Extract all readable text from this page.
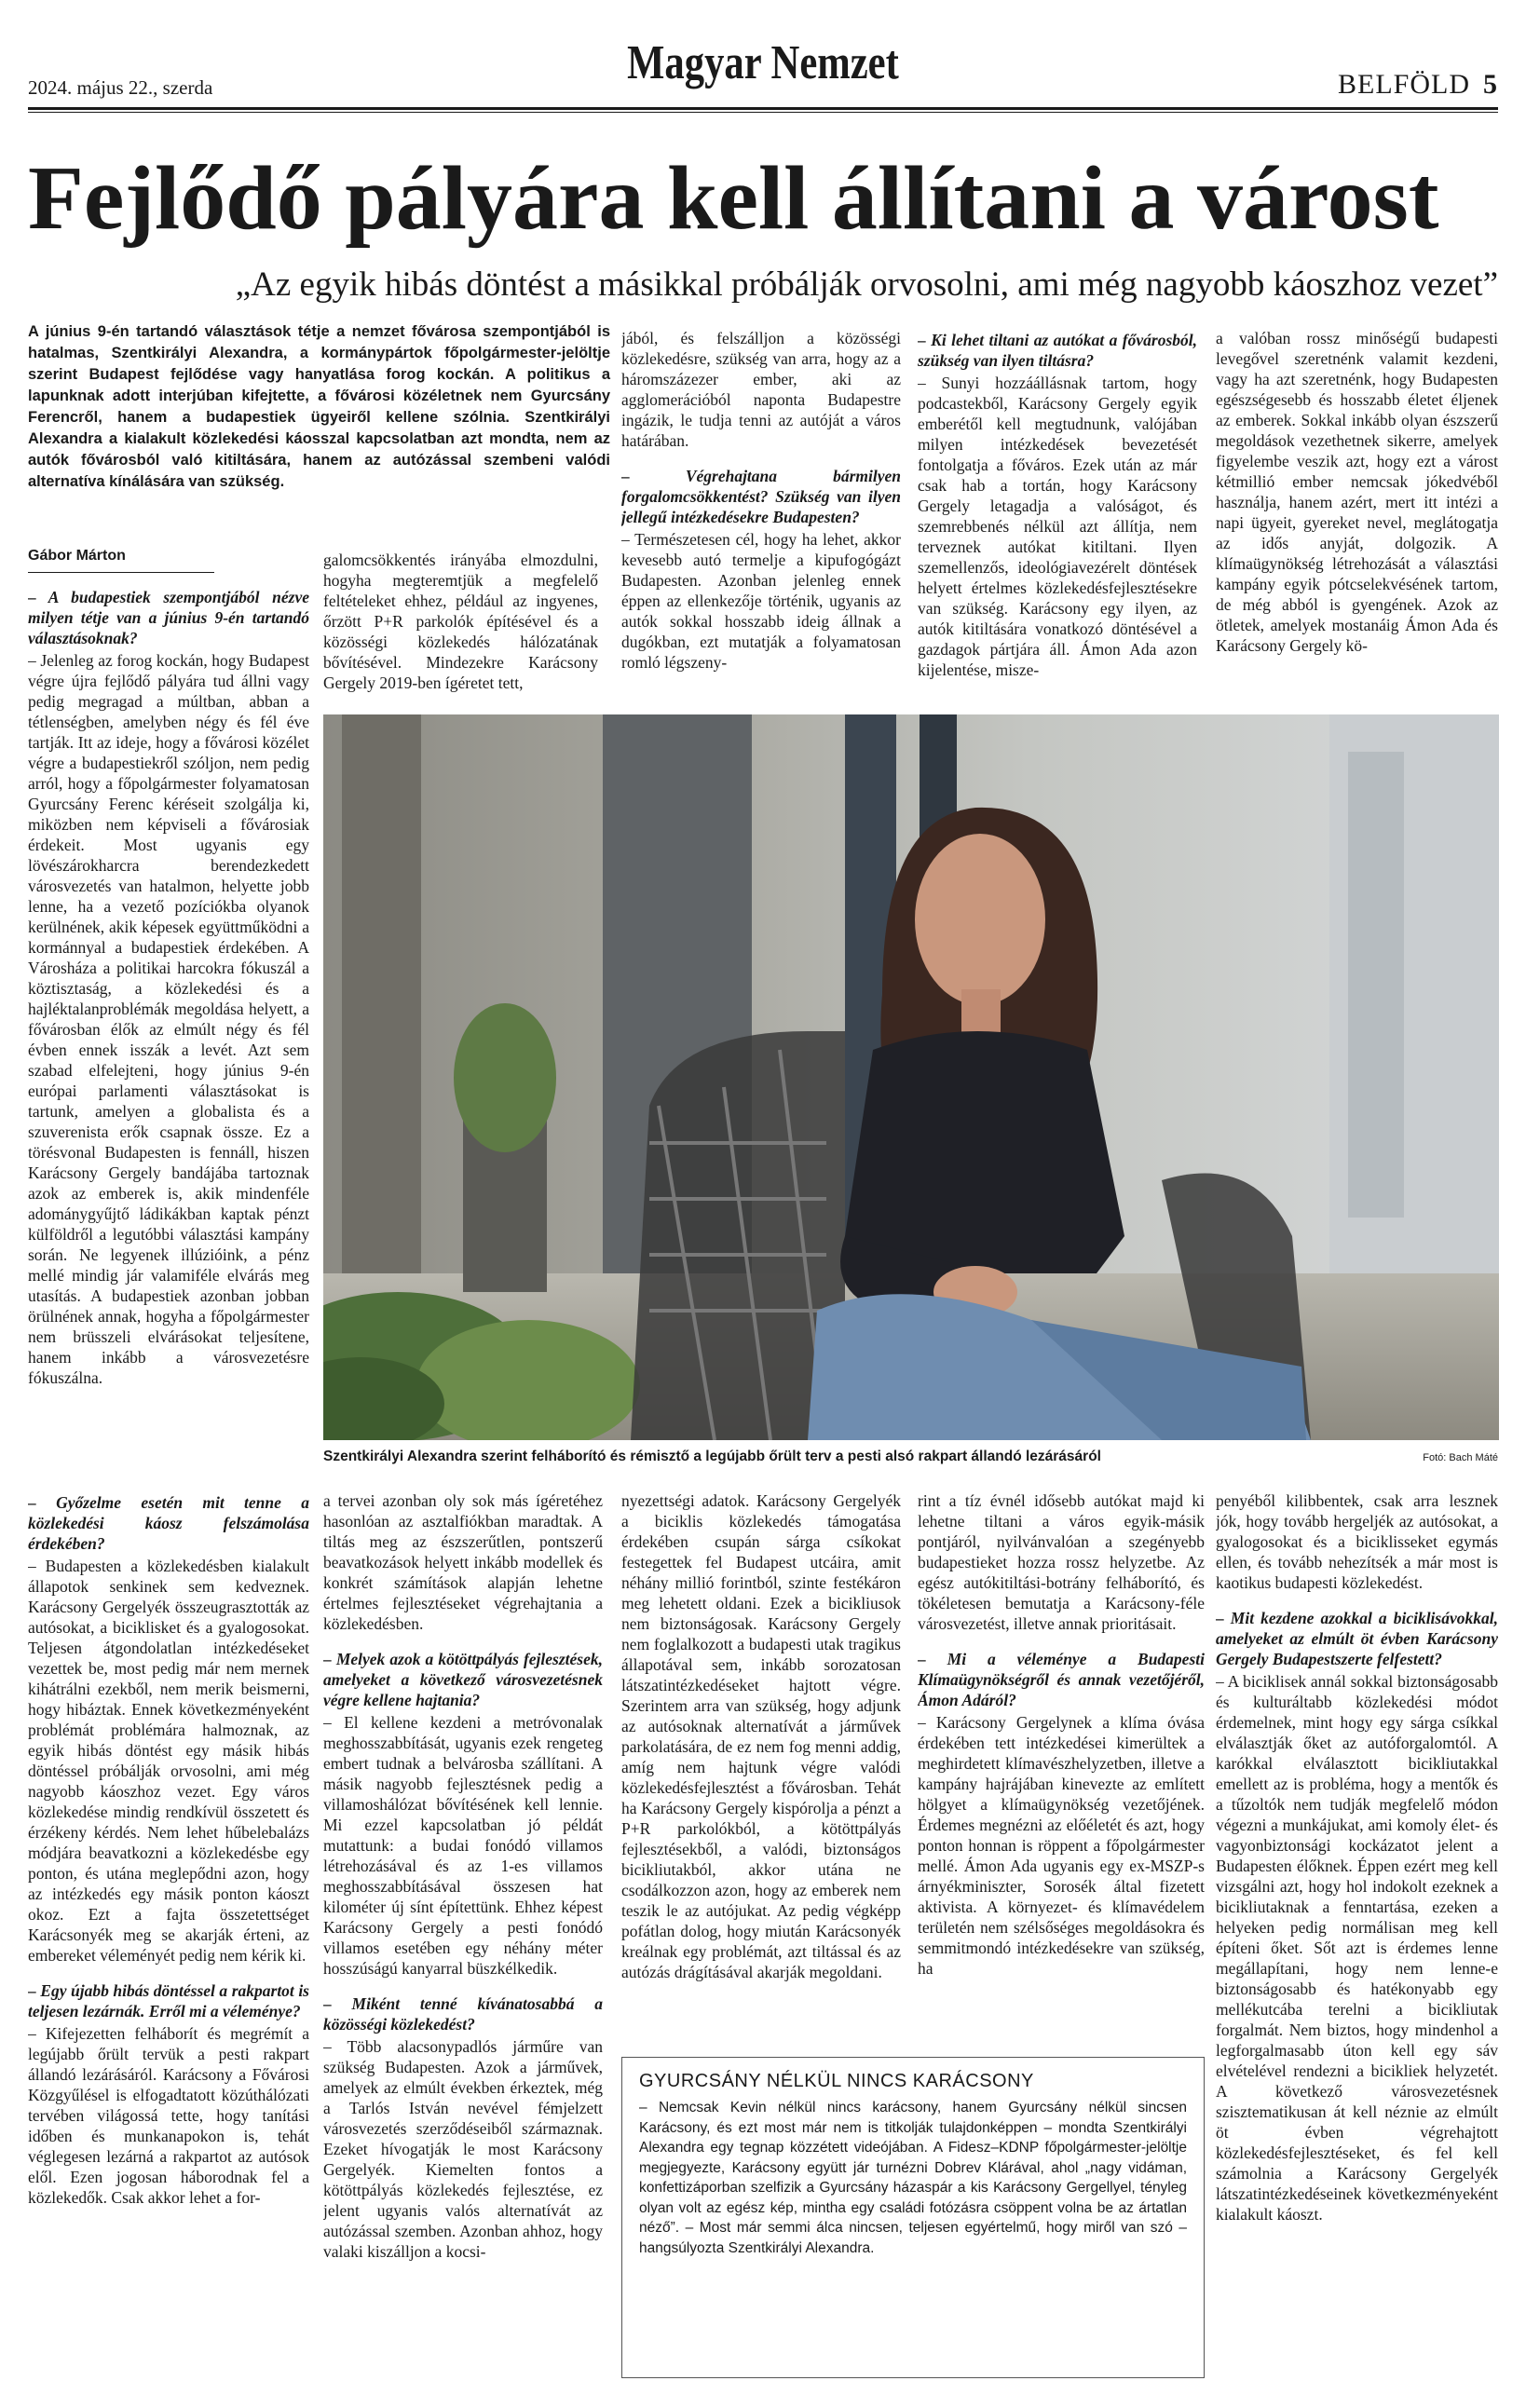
2024. május 22., szerda	Magyar Nemzet	BELFÖLD 5
Fejlődő pályára kell állítani a várost
„Az egyik hibás döntést a másikkal próbálják orvosolni, ami még nagyobb káoszhoz vezet”
A június 9-én tartandó választások tétje a nemzet fővárosa szempontjából is hatalmas, Szentkirályi Alexandra, a kormánypártok főpolgármester-jelöltje szerint Budapest fejlődése vagy hanyatlása forog kockán. A politikus a lapunknak adott interjúban kifejtette, a fővárosi közéletnek nem Gyurcsány Ferencről, hanem a budapestiek ügyeiről kellene szólnia. Szentkirályi Alexandra a kialakult közlekedési káosszal kapcsolatban azt mondta, nem az autók fővárosból való kitiltására, hanem az autózással szembeni valódi alternatíva kínálására van szükség.
Gábor Márton

– A budapestiek szempontjából nézve milyen tétje van a június 9-én tartandó választásoknak?

– Jelenleg az forog kockán, hogy Budapest végre újra fejlődő pályára tud állni vagy pedig megragad a múltban, abban a tétlenségben, amelyben négy és fél éve tartják. Itt az ideje, hogy a fővárosi közélet végre a budapestiekről szóljon, nem pedig arról, hogy a főpolgármester folyamatosan Gyurcsány Ferenc kéréseit szolgálja ki, miközben nem képviseli a fővárosiak érdekeit. Most ugyanis egy lövészárokharcra berendezkedett városvezetés van hatalmon, helyette jobb lenne, ha a vezető pozíciókba olyanok kerülnének, akik képesek együttműködni a kormánnyal a budapestiek érdekében. A Városháza a politikai harcokra fókuszál a köztisztaság, a közlekedési és a hajléktalanproblémák megoldása helyett, a fővárosban élők az elmúlt négy és fél évben ennek isszák a levét. Azt sem szabad elfelejteni, hogy június 9-én európai parlamenti választásokat is tartunk, amelyen a globalista és a szuverenista erők csapnak össze. Ez a törésvonal Budapesten is fennáll, hiszen Karácsony Gergely bandájába tartoznak azok az emberek is, akik mindenféle adománygyűjtő ládikákban kaptak pénzt külföldről a legutóbbi választási kampány során. Ne legyenek illúzióink, a pénz mellé mindig jár valamiféle elvárás meg utasítás. A budapestiek azonban jobban örülnének annak, hogyha a főpolgármester nem brüsszeli elvárásokat teljesítene, hanem inkább a városvezetésre fókuszálna.

galomcsökkentés irányába elmozdulni, hogyha megteremtjük a megfelelő feltételeket ehhez, például az ingyenes, őrzött P+R parkolók építésével és a közösségi közlekedés hálózatának bővítésével. Mindezekre Karácsony Gergely 2019-ben ígéretet tett,

jából, és felszálljon a közösségi közlekedésre, szükség van arra, hogy az a háromszázezer ember, aki az agglomerációból naponta Budapestre ingázik, le tudja tenni az autóját a város határában.

– Végrehajtana bármilyen forgalomcsökkentést? Szükség van ilyen jellegű intézkedésekre Budapesten?

– Természetesen cél, hogy ha lehet, akkor kevesebb autó termelje a kipufogógázt Budapesten. Azonban jelenleg ennek éppen az ellenkezője történik, ugyanis az autók sokkal hosszabb ideig állnak a dugókban, ezt mutatják a folyamatosan romló légszeny-

– Ki lehet tiltani az autókat a fővárosból, szükség van ilyen tiltásra?

– Sunyi hozzáállásnak tartom, hogy podcastekből, Karácsony Gergely egyik emberétől kell megtudnunk, valójában milyen intézkedések bevezetését fontolgatja a főváros. Ezek után az már csak hab a tortán, hogy Karácsony Gergely letagadja a valóságot, és szemrebbenés nélkül azt állítja, nem terveznek autókat kitiltani. Ilyen szemellenzős, ideológiavezérelt döntések helyett értelmes közlekedésfejlesztésekre van szükség. Karácsony egy ilyen, az autók kitiltására vonatkozó döntésével a gazdagok pártjára áll. Ámon Ada azon kijelentése, misze-

a valóban rossz minőségű budapesti levegővel szeretnénk valamit kezdeni, vagy ha azt szeretnénk, hogy Budapesten egészségesebb és hosszabb életet éljenek az emberek. Sokkal inkább olyan észszerű megoldások vezethetnek sikerre, amelyek figyelembe veszik azt, hogy ezt a várost kétmillió ember nemcsak jókedvéből használja, hanem azért, mert itt intézi a napi ügyeit, gyereket nevel, meglátogatja az idős anyját, dolgozik. A klímaügynökség létrehozását a választási kampány egyik pótcselekvésének tartom, de még abból is gyengének. Azok az ötletek, amelyek mostanáig Ámon Ada és Karácsony Gergely kö-

Szentkirályi Alexandra szerint felháborító és rémisztő a legújabb őrült terv a pesti alsó rakpart állandó lezárásáról	Fotó: Bach Máté

– Győzelme esetén mit tenne a közlekedési káosz felszámolása érdekében?

– Budapesten a közlekedésben kialakult állapotok senkinek sem kedveznek. Karácsony Gergelyék összeugrasztották az autósokat, a biciklisket és a gyalogosokat. Teljesen átgondolatlan intézkedéseket vezettek be, most pedig már nem mernek kihátrálni ezekből, nem merik beismerni, hogy hibáztak. Ennek következményeként problémát problémára halmoznak, az egyik hibás döntést egy másik hibás döntéssel próbálják orvosolni, ami még nagyobb káoszhoz vezet. Egy város közlekedése mindig rendkívül összetett és érzékeny kérdés. Nem lehet hűbelebalázs módjára beavatkozni a közlekedésbe egy ponton, és utána meglepődni azon, hogy az intézkedés egy másik ponton káoszt okoz. Ezt a fajta összetettséget Karácsonyék meg se akarják érteni, az embereket véleményét pedig nem kérik ki.

– Egy újabb hibás döntéssel a rakpartot is teljesen lezárnák. Erről mi a véleménye?

– Kifejezetten felháborít és megrémít a legújabb őrült tervük a pesti rakpart állandó lezárásáról. Karácsony a Fővárosi Közgyűlésel is elfogadtatott közúthálózati tervében világossá tette, hogy tanítási időben és munkanapokon is, tehát véglegesen lezárná a rakpartot az autósok elől. Ezen jogosan háborodnak fel a közlekedők. Csak akkor lehet a for-

a tervei azonban oly sok más ígéretéhez hasonlóan az asztalfiókban maradtak. A tiltás meg az észszerűtlen, pontszerű beavatkozások helyett inkább modellek és konkrét számítások alapján lehetne értelmes fejlesztéseket végrehajtania a közlekedésben.

– Melyek azok a kötöttpályás fejlesztések, amelyeket a következő városvezetésnek végre kellene hajtania?

– El kellene kezdeni a metróvonalak meghosszabbítását, ugyanis ezek rengeteg embert tudnak a belvárosba szállítani. A másik nagyobb fejlesztésnek pedig a villamoshálózat bővítésének kell lennie. Mi ezzel kapcsolatban jó példát mutattunk: a budai fonódó villamos létrehozásával és az 1-es villamos meghosszabbításával összesen hat kilométer új sínt építettünk. Ehhez képest Karácsony Gergely a pesti fonódó villamos esetében egy néhány méter hosszúságú kanyarral büszkélkedik.

– Miként tenné kívánatosabbá a közösségi közlekedést?

– Több alacsonypadlós járműre van szükség Budapesten. Azok a járművek, amelyek az elmúlt években érkeztek, még a Tarlós István nevével fémjelzett városvezetés szerződéseiből származnak. Ezeket hívogatják le most Karácsony Gergelyék. Kiemelten fontos a kötöttpályás közlekedés fejlesztése, ez jelent ugyanis valós alternatívát az autózással szemben. Azonban ahhoz, hogy valaki kiszálljon a kocsi-

nyezettségi adatok. Karácsony Gergelyék a biciklis közlekedés támogatása érdekében csupán sárga csíkokat festegettek fel Budapest utcáira, amit néhány millió forintból, szinte festékáron meg lehetett oldani. Ezek a bicikliusok nem biztonságosak. Karácsony Gergely nem foglalkozott a budapesti utak tragikus állapotával sem, inkább sorozatosan látszatintézkedéseket hajtott végre. Szerintem arra van szükség, hogy adjunk az autósoknak alternatívát a járművek parkolatására, de ez nem fog menni addig, amíg nem hajtunk végre valódi közlekedésfejlesztést a fővárosban. Tehát ha Karácsony Gergely kispórolja a pénzt a P+R parkolókból, a kötöttpályás fejlesztésekből, a valódi, biztonságos bicikliutakból, akkor utána ne csodálkozzon azon, hogy az emberek nem teszik le az autójukat. Az pedig végképp pofátlan dolog, hogy miután Karácsonyék kreálnak egy problémát, azt tiltással és az autózás drágításával akarják megoldani.

rint a tíz évnél idősebb autókat majd ki lehetne tiltani a város egyik-másik pontjáról, nyilvánvalóan a szegényebb budapestieket hozza rossz helyzetbe. Az egész autókitiltási-botrány felháborító, és tökéletesen bemutatja a Karácsony-féle városvezetést, illetve annak prioritásait.

– Mi a véleménye a Budapesti Klímaügynökségről és annak vezetőjéről, Ámon Adáról?

– Karácsony Gergelynek a klíma óvása érdekében tett intézkedései kimerültek a meghirdetett klímavészhelyzetben, illetve a kampány hajrájában kinevezte az említett hölgyet a klímaügynökség vezetőjének. Érdemes megnézni az előéletét és azt, hogy ponton honnan is röppent a főpolgármester mellé. Ámon Ada ugyanis egy ex-MSZP-s árnyékminiszter, Sorosék által fizetett aktivista. A környezet- és klímavédelem területén nem szélsőséges megoldásokra és semmitmondó intézkedésekre van szükség, ha

penyéből kilibbentek, csak arra lesznek jók, hogy tovább hergeljék az autósokat, a gyalogosokat és a biciklisseket egymás ellen, és tovább nehezítsék a már most is kaotikus budapesti közlekedést.

– Mit kezdene azokkal a biciklisávokkal, amelyeket az elmúlt öt évben Karácsony Gergely Budapestszerte felfestett?

– A biciklisek annál sokkal biztonságosabb és kulturáltabb közlekedési módot érdemelnek, mint hogy egy sárga csíkkal elválasztják őket az autóforgalomtól. A karókkal elválasztott bicikliutakkal emellett az is probléma, hogy a mentők és a tűzoltók nem tudják megfelelő módon végezni a munkájukat, ami komoly élet- és vagyonbiztonsági kockázatot jelent a Budapesten élőknek. Éppen ezért meg kell vizsgálni azt, hogy hol indokolt ezeknek a bicikliutaknak a fenntartása, ezeken a helyeken pedig normálisan meg kell építeni őket. Sőt azt is érdemes lenne megállapítani, hogy nem lenne-e biztonságosabb és hatékonyabb egy mellékutcába terelni a bicikliutak forgalmát. Nem biztos, hogy mindenhol a legforgalmasabb úton kell egy sáv elvételével rendezni a bicikliek helyzetét. A következő városvezetésnek szisztematikusan át kell néznie az elmúlt öt évben végrehajtott közlekedésfejlesztéseket, és fel kell számolnia a Karácsony Gergelyék látszatintézkedéseinek következményeként kialakult káoszt.

GYURCSÁNY NÉLKÜL NINCS KARÁCSONY
– Nemcsak Kevin nélkül nincs karácsony, hanem Gyurcsány nélkül sincsen Karácsony, és ezt most már nem is titkolják tulajdonképpen – mondta Szentkirályi Alexandra egy tegnap közzétett videójában. A Fidesz–KDNP főpolgármester-jelöltje megjegyezte, Karácsony együtt jár turnézni Dobrev Klárával, ahol „nagy vidáman, konfettizáporban szelfizik a Gyurcsány házaspár a kis Karácsony Gergellyel, tényleg olyan volt az egész kép, mintha egy családi fotózásra csöppent volna be az ártatlan néző”. – Most már semmi álca nincsen, teljesen egyértelmű, hogy miről van szó – hangsúlyozta Szentkirályi Alexandra.
